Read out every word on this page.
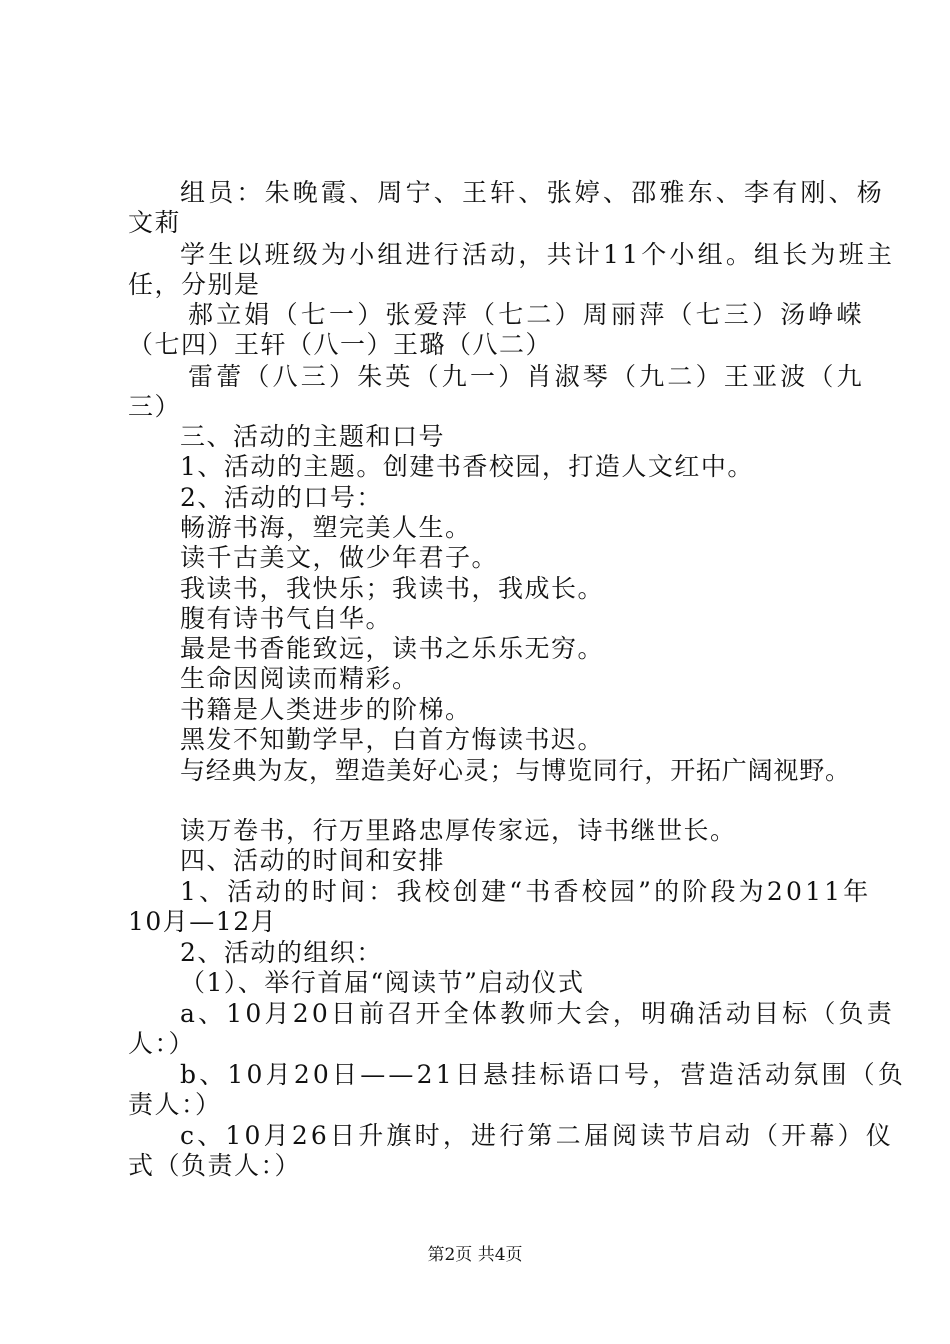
组员：朱晚霞、周宁、王轩、张婷、邵雅东、李有刚、杨
文莉
学生以班级为小组进行活动，共计11个小组。组长为班主
任，分别是
郝立娟（七一）张爱萍（七二）周丽萍（七三）汤峥嵘
（七四）王轩（八一）王璐（八二）
雷蕾（八三）朱英（九一）肖淑琴（九二）王亚波（九
三）
三、活动的主题和口号
1、活动的主题。创建书香校园，打造人文红中。
2、活动的口号：
畅游书海，塑完美人生。
读千古美文，做少年君子。
我读书，我快乐；我读书，我成长。
腹有诗书气自华。
最是书香能致远，读书之乐乐无穷。
生命因阅读而精彩。
书籍是人类进步的阶梯。
黑发不知勤学早，白首方悔读书迟。
与经典为友，塑造美好心灵；与博览同行，开拓广阔视野。
读万卷书，行万里路忠厚传家远，诗书继世长。
四、活动的时间和安排
1、活动的时间：我校创建“书香校园”的阶段为2011年
10月—12月
2、活动的组织：
（1）、举行首届“阅读节”启动仪式
a、10月20日前召开全体教师大会，明确活动目标（负责
人：）
b、10月20日——21日悬挂标语口号，营造活动氛围（负
责人：）
c、10月26日升旗时，进行第二届阅读节启动（开幕）仪
式（负责人：）
第2页 共4页
